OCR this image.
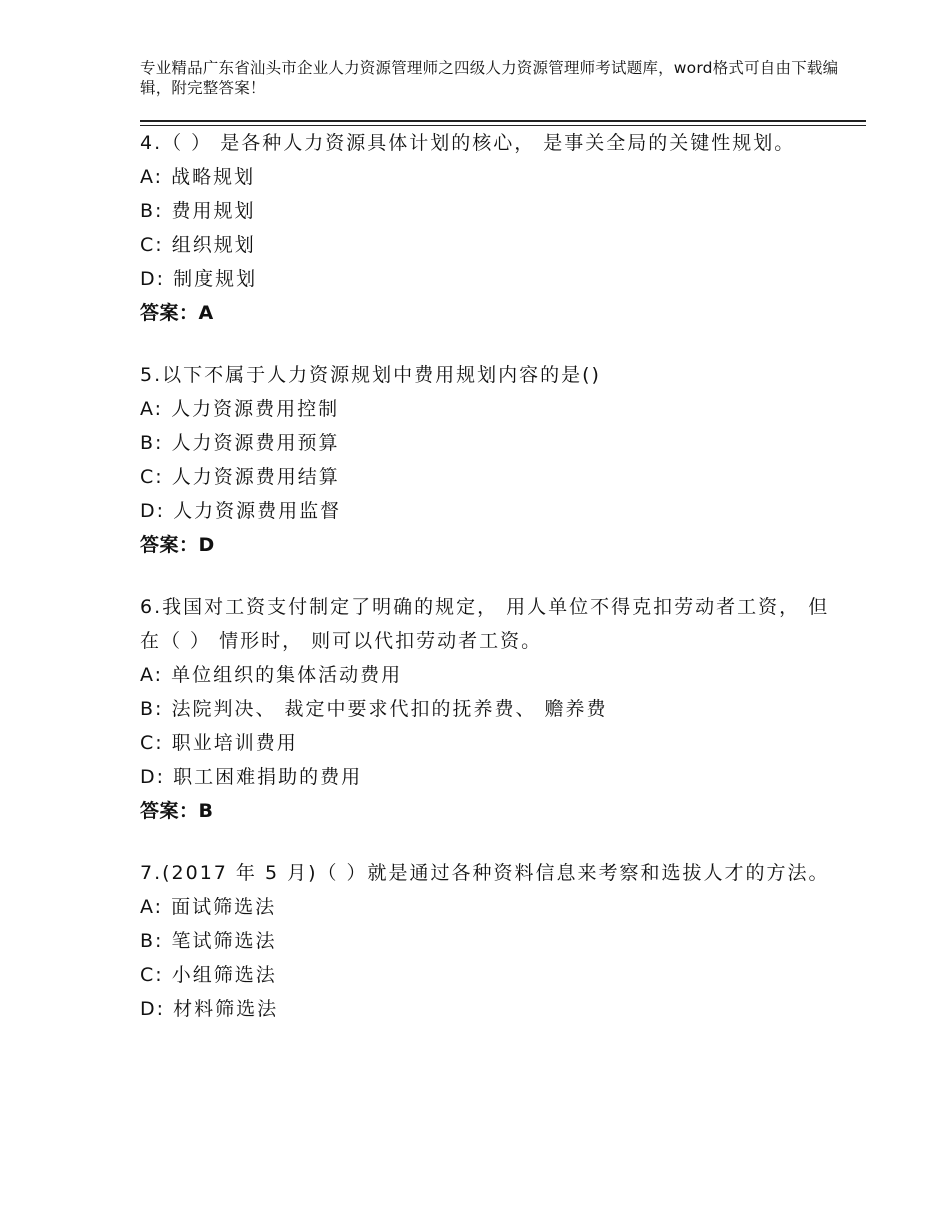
专业精品广东省汕头市企业人力资源管理师之四级人力资源管理师考试题库，word格式可自由下载编辑，附完整答案！
4.（ ） 是各种人力资源具体计划的核心， 是事关全局的关键性规划。
A: 战略规划
B: 费用规划
C: 组织规划
D: 制度规划
答案：A
5.以下不属于人力资源规划中费用规划内容的是()
A: 人力资源费用控制
B: 人力资源费用预算
C: 人力资源费用结算
D: 人力资源费用监督
答案：D
6.我国对工资支付制定了明确的规定， 用人单位不得克扣劳动者工资， 但在（ ） 情形时， 则可以代扣劳动者工资。
A: 单位组织的集体活动费用
B: 法院判决、 裁定中要求代扣的抚养费、 赡养费
C: 职业培训费用
D: 职工困难捐助的费用
答案：B
7.(2017 年 5 月)（ ）就是通过各种资料信息来考察和选拔人才的方法。
A: 面试筛选法
B: 笔试筛选法
C: 小组筛选法
D: 材料筛选法
